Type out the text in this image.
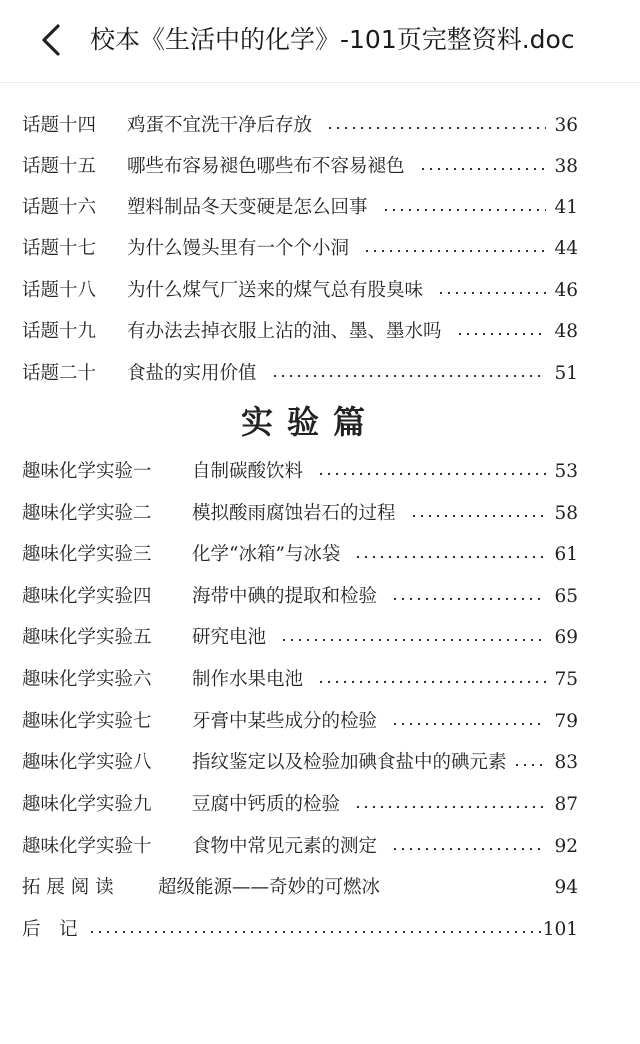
校本《生活中的化学》-101页完整资料.doc
话题十四	鸡蛋不宜洗干净后存放	36
话题十五	哪些布容易褪色哪些布不容易褪色	38
话题十六	塑料制品冬天变硬是怎么回事	41
话题十七	为什么馒头里有一个个小洞	44
话题十八	为什么煤气厂送来的煤气总有股臭味	46
话题十九	有办法去掉衣服上沾的油、墨、墨水吗	48
话题二十	食盐的实用价值	51
实验篇
趣味化学实验一	自制碳酸饮料	53
趣味化学实验二	模拟酸雨腐蚀岩石的过程	58
趣味化学实验三	化学“冰箱”与冰袋	61
趣味化学实验四	海带中碘的提取和检验	65
趣味化学实验五	研究电池	69
趣味化学实验六	制作水果电池	75
趣味化学实验七	牙膏中某些成分的检验	79
趣味化学实验八	指纹鉴定以及检验加碘食盐中的碘元素	83
趣味化学实验九	豆腐中钙质的检验	87
趣味化学实验十	食物中常见元素的测定	92
拓 展 阅 读	超级能源——奇妙的可燃冰	94
后　记	101
